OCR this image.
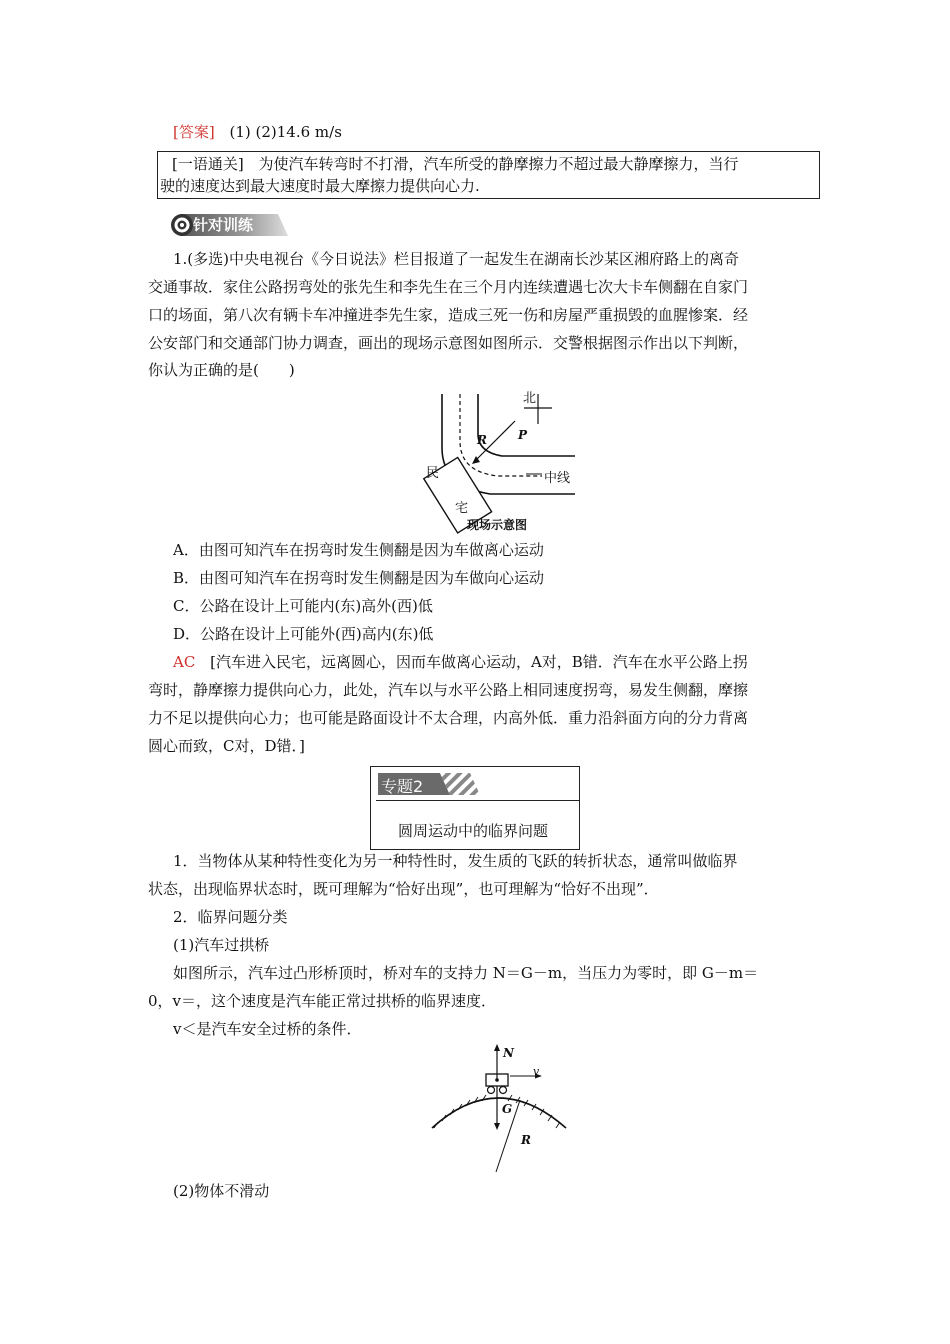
[答案] (1) (2)14.6 m/s
[一语通关] 为使汽车转弯时不打滑，汽车所受的静摩擦力不超过最大静摩擦力，当行
驶的速度达到最大速度时最大摩擦力提供向心力.
针对训练
1.(多选)中央电视台《今日说法》栏目报道了一起发生在湖南长沙某区湘府路上的离奇
交通事故．家住公路拐弯处的张先生和李先生在三个月内连续遭遇七次大卡车侧翻在自家门
口的场面，第八次有辆卡车冲撞进李先生家，造成三死一伤和房屋严重损毁的血腥惨案．经
公安部门和交通部门协力调查，画出的现场示意图如图所示．交警根据图示作出以下判断，
你认为正确的是(　　)
北
R	P
中线
民
宅
现场示意图
A．由图可知汽车在拐弯时发生侧翻是因为车做离心运动
B．由图可知汽车在拐弯时发生侧翻是因为车做向心运动
C．公路在设计上可能内(东)高外(西)低
D．公路在设计上可能外(西)高内(东)低
AC [汽车进入民宅，远离圆心，因而车做离心运动，A对，B错．汽车在水平公路上拐
弯时，静摩擦力提供向心力，此处，汽车以与水平公路上相同速度拐弯，易发生侧翻，摩擦
力不足以提供向心力；也可能是路面设计不太合理，内高外低．重力沿斜面方向的分力背离
圆心而致，C对，D错．]
专题2
圆周运动中的临界问题
1．当物体从某种特性变化为另一种特性时，发生质的飞跃的转折状态，通常叫做临界
状态，出现临界状态时，既可理解为“恰好出现”，也可理解为“恰好不出现”．
2．临界问题分类
(1)汽车过拱桥
如图所示，汽车过凸形桥顶时，桥对车的支持力 N＝G－m，当压力为零时，即 G－m＝
0，v＝，这个速度是汽车能正常过拱桥的临界速度．
v＜是汽车安全过桥的条件．
N
v
G
R
(2)物体不滑动
